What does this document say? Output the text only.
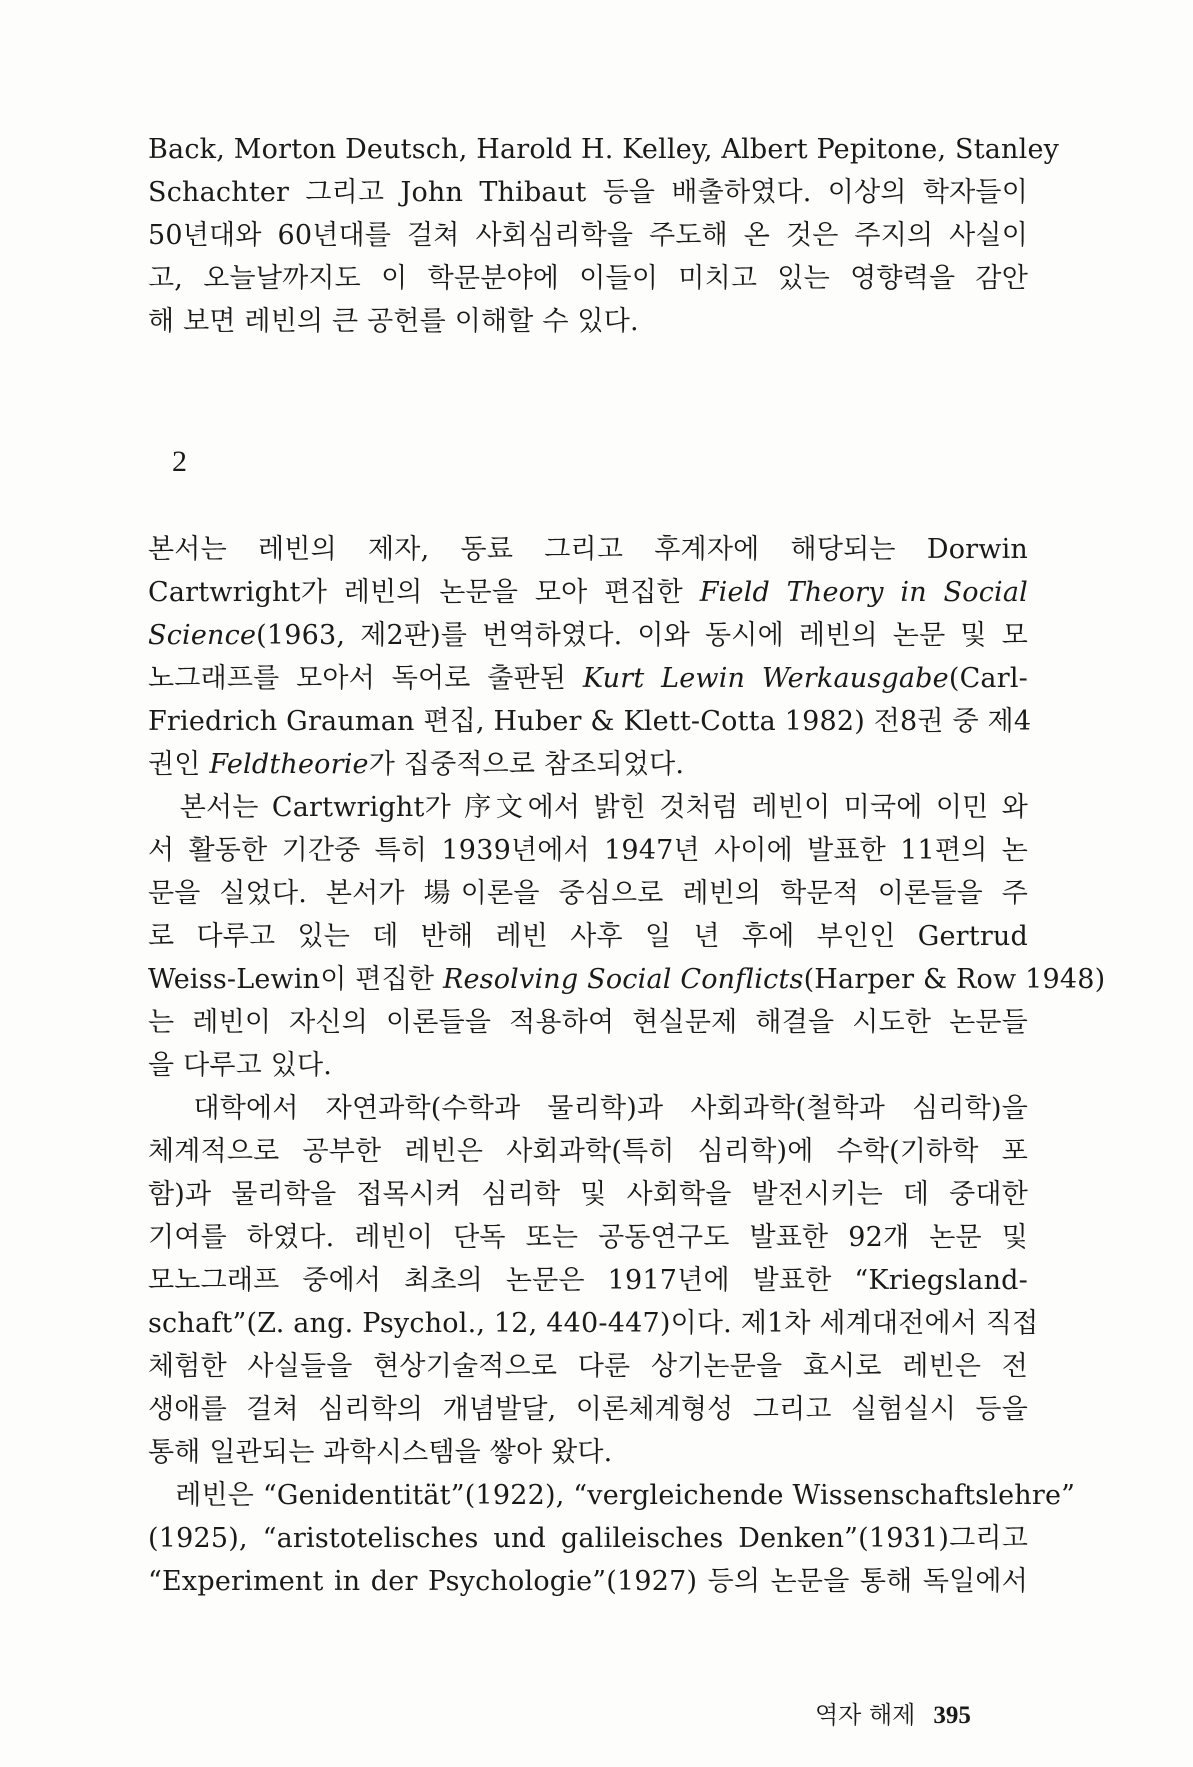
Back, Morton Deutsch, Harold H. Kelley, Albert Pepitone, Stanley
Schachter 그리고 John Thibaut 등을 배출하였다. 이상의 학자들이
50년대와 60년대를 걸쳐 사회심리학을 주도해 온 것은 주지의 사실이
고, 오늘날까지도 이 학문분야에 이들이 미치고 있는 영향력을 감안
해 보면 레빈의 큰 공헌를 이해할 수 있다.
2
본서는 레빈의 제자, 동료 그리고 후계자에 해당되는 Dorwin
Cartwright가 레빈의 논문을 모아 편집한 Field Theory in Social
Science(1963, 제2판)를 번역하였다. 이와 동시에 레빈의 논문 및 모
노그래프를 모아서 독어로 출판된 Kurt Lewin Werkausgabe(Carl-
Friedrich Grauman 편집, Huber & Klett-Cotta 1982) 전8권 중 제4
권인 Feldtheorie가 집중적으로 참조되었다.
　본서는 Cartwright가 序文에서 밝힌 것처럼 레빈이 미국에 이민 와
서 활동한 기간중 특히 1939년에서 1947년 사이에 발표한 11편의 논
문을 실었다. 본서가 場이론을 중심으로 레빈의 학문적 이론들을 주
로 다루고 있는 데 반해 레빈 사후 일 년 후에 부인인 Gertrud
Weiss-Lewin이 편집한 Resolving Social Conflicts(Harper & Row 1948)
는 레빈이 자신의 이론들을 적용하여 현실문제 해결을 시도한 논문들
을 다루고 있다.
　대학에서 자연과학(수학과 물리학)과 사회과학(철학과 심리학)을
체계적으로 공부한 레빈은 사회과학(특히 심리학)에 수학(기하학 포
함)과 물리학을 접목시켜 심리학 및 사회학을 발전시키는 데 중대한
기여를 하였다. 레빈이 단독 또는 공동연구도 발표한 92개 논문 및
모노그래프 중에서 최초의 논문은 1917년에 발표한 “Kriegsland-
schaft”(Z. ang. Psychol., 12, 440-447)이다. 제1차 세계대전에서 직접
체험한 사실들을 현상기술적으로 다룬 상기논문을 효시로 레빈은 전
생애를 걸쳐 심리학의 개념발달, 이론체계형성 그리고 실험실시 등을
통해 일관되는 과학시스템을 쌓아 왔다.
　레빈은 “Genidentität”(1922), “vergleichende Wissenschaftslehre”
(1925), “aristotelisches und galileisches Denken”(1931)그리고
“Experiment in der Psychologie”(1927) 등의 논문을 통해 독일에서
역자 해제 395
